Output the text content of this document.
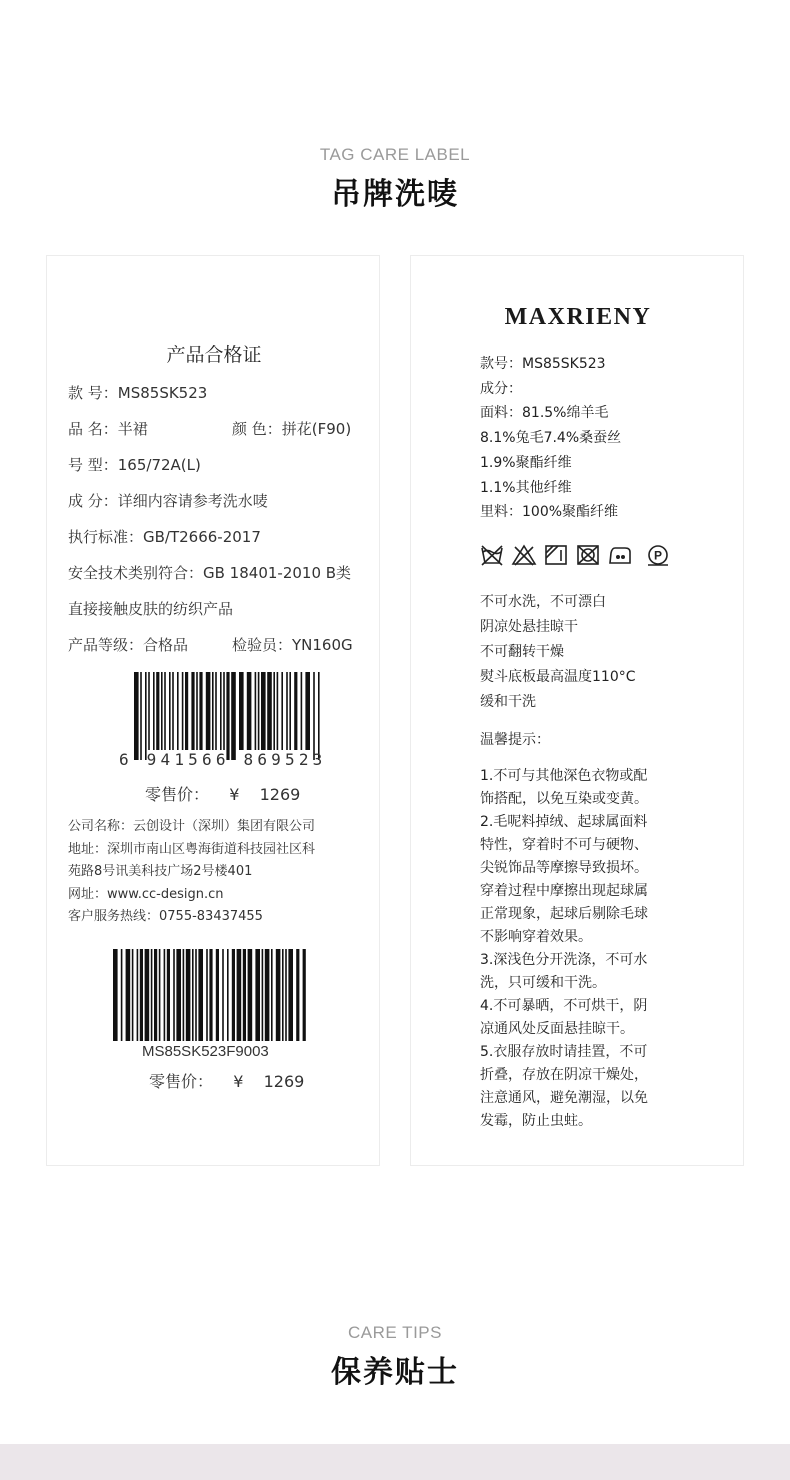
TAG CARE LABEL
吊牌洗唛
产品合格证
款 号：MS85SK523
品 名：半裙	颜 色：拼花(F90)
号 型：165/72A(L)
成 分：详细内容请参考洗水唛
执行标准：GB/T2666-2017
安全技术类别符合：GB 18401-2010 B类
直接接触皮肤的纺织产品
产品等级：合格品	检验员：YN160G
6 941566 869523
零售价： ¥ 1269
公司名称：云创设计（深圳）集团有限公司
地址：深圳市南山区粤海街道科技园社区科
苑路8号讯美科技广场2号楼401
网址：www.cc-design.cn
客户服务热线：0755-83437455
MS85SK523F9003
零售价： ¥ 1269
MAXRIENY
款号：MS85SK523
成分：
面料：81.5%绵羊毛
8.1%兔毛7.4%桑蚕丝
1.9%聚酯纤维
1.1%其他纤维
里料：100%聚酯纤维
不可水洗，不可漂白
阴凉处悬挂晾干
不可翻转干燥
熨斗底板最高温度110°C
缓和干洗
温馨提示：
1.不可与其他深色衣物或配
饰搭配，以免互染或变黄。
2.毛呢料掉绒、起球属面料
特性，穿着时不可与硬物、
尖锐饰品等摩擦导致损坏。
穿着过程中摩擦出现起球属
正常现象，起球后剔除毛球
不影响穿着效果。
3.深浅色分开洗涤，不可水
洗，只可缓和干洗。
4.不可暴晒，不可烘干，阴
凉通风处反面悬挂晾干。
5.衣服存放时请挂置，不可
折叠，存放在阴凉干燥处，
注意通风，避免潮湿，以免
发霉，防止虫蛀。
P
CARE TIPS
保养贴士
